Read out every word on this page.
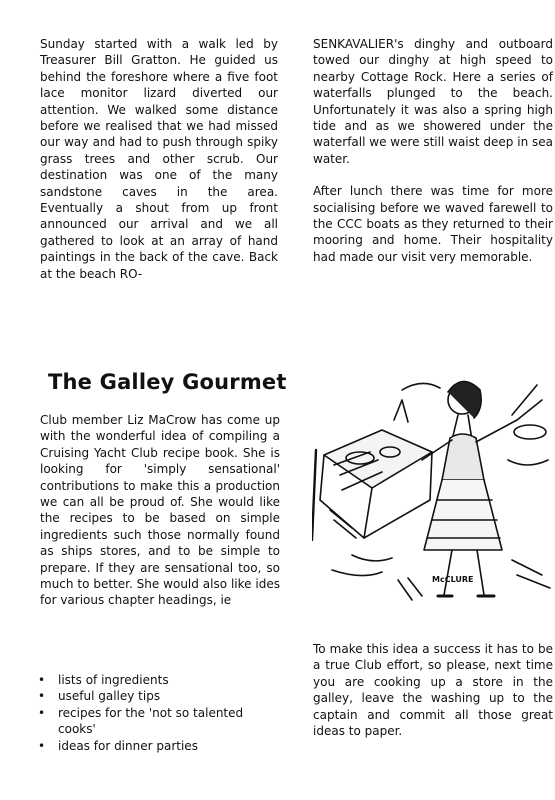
Sunday started with a walk led by Treasurer Bill Gratton. He guided us behind the foreshore where a five foot lace monitor lizard diverted our attention. We walked some distance before we realised that we had missed our way and had to push through spiky grass trees and other scrub. Our destination was one of the many sandstone caves in the area. Eventually a shout from up front announced our arrival and we all gathered to look at an array of hand paintings in the back of the cave. Back at the beach RO-

SENKAVALIER's dinghy and outboard towed our dinghy at high speed to nearby Cottage Rock. Here a series of waterfalls plunged to the beach. Unfortunately it was also a spring high tide and as we showered under the waterfall we were still waist deep in sea water.

After lunch there was time for more socialising before we waved farewell to the CCC boats as they returned to their mooring and home. Their hospitality had made our visit very memorable.

The Galley Gourmet

Club member Liz MaCrow has come up with the wonderful idea of compiling a Cruising Yacht Club recipe book. She is looking for 'simply sensational' contributions to make this a production we can all be proud of. She would like the recipes to be based on simple ingredients such those normally found as ships stores, and to be simple to prepare. If they are sensational too, so much to better. She would also like ides for various chapter headings, ie

• lists of ingredients
• useful galley tips
• recipes for the 'not so talented cooks'
• ideas for dinner parties

To make this idea a success it has to be a true Club effort, so please, next time you are cooking up a store in the galley, leave the washing up to the captain and commit all those great ideas to paper.

McCLURE
